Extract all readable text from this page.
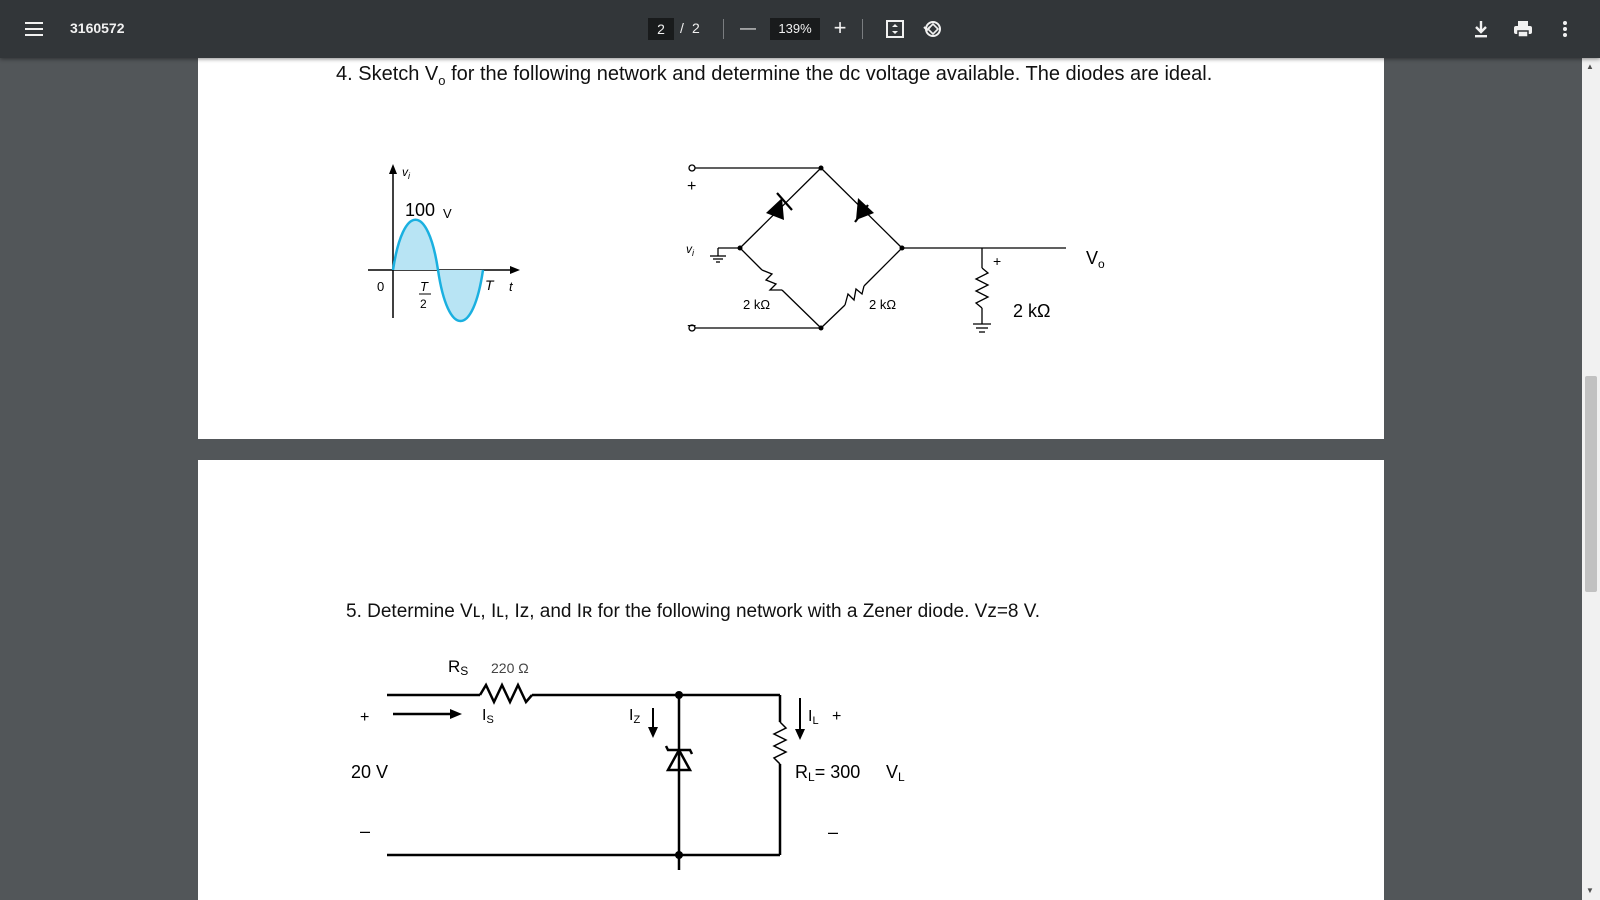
3160572	2	/ 2	—	139% +
4. Sketch $V_o$ for the following network and determine the dc voltage available. The diodes are ideal.
$v_i$
100 V
0	T
2
T t
+
−
$v_i$
2 kΩ	2 kΩ
+
2 kΩ
$V_o$
5. Determine Vʟ, Iʟ, Iz, and Iʀ for the following network with a Zener diode. Vz=8 V.
RS 220 Ω
IS	IZ	IL +
+
20 V
–
RL= 300 VL
–
▲
▼
